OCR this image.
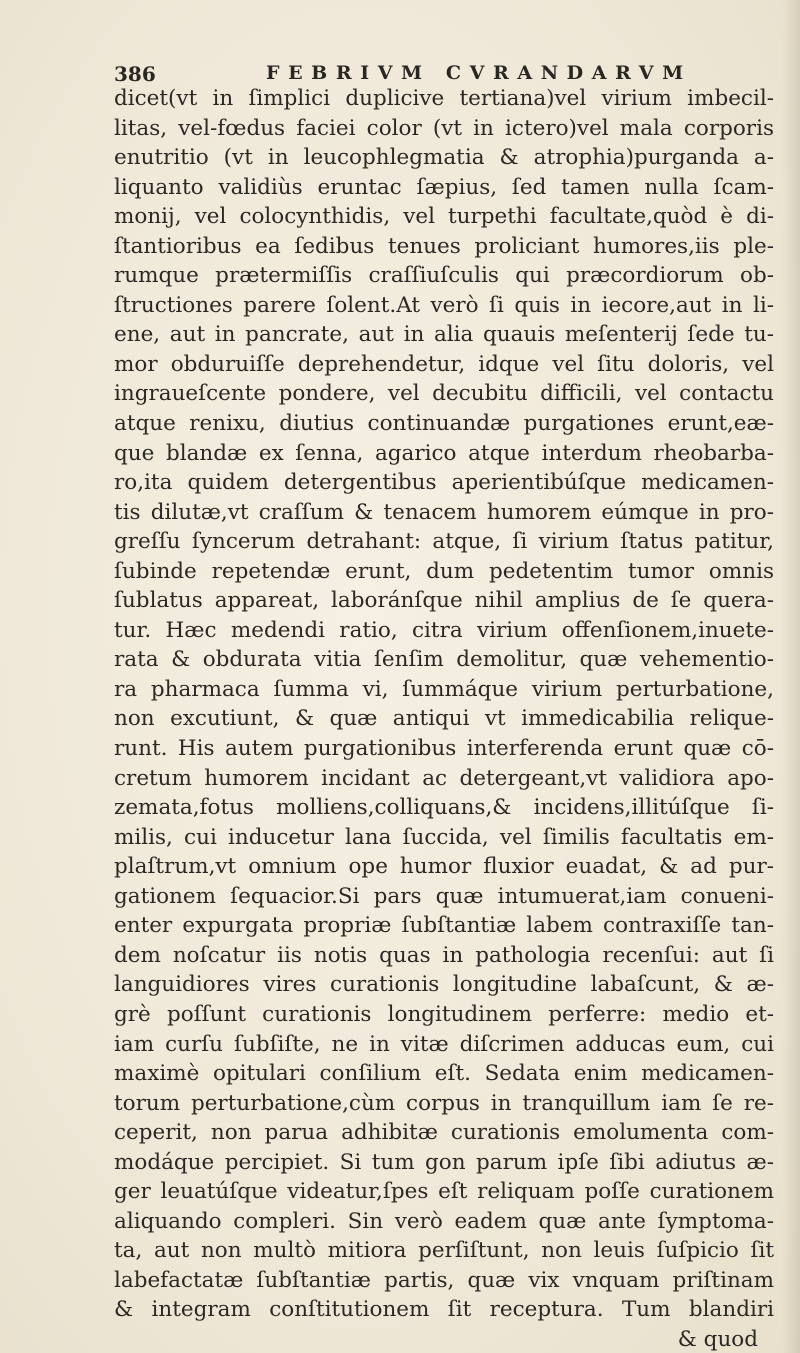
386	FEBRIVM CVRANDARVM
dicet(vt in ſimplici duplicive tertiana)vel virium imbecil-
litas, vel-fœdus faciei color (vt in ictero)vel mala corporis
enutritio (vt in leucophlegmatia & atrophia)purganda a-
liquanto validiùs eruntac ſæpius, ſed tamen nulla ſcam-
monij, vel colocynthidis, vel turpethi facultate,quòd è di-
ſtantioribus ea ſedibus tenues proliciant humores,iis ple-
rumque prætermiſſis craſſiuſculis qui præcordiorum ob-
ſtructiones parere ſolent.At verò ſi quis in iecore,aut in li-
ene, aut in pancrate, aut in alia quauis meſenterij ſede tu-
mor obduruiſſe deprehendetur, idque vel ſitu doloris, vel
ingraueſcente pondere, vel decubitu difficili, vel contactu
atque renixu, diutius continuandæ purgationes erunt,eæ-
que blandæ ex ſenna, agarico atque interdum rheobarba-
ro,ita quidem detergentibus aperientibúſque medicamen-
tis dilutæ,vt craſſum & tenacem humorem eúmque in pro-
greſſu ſyncerum detrahant: atque, ſi virium ſtatus patitur,
ſubinde repetendæ erunt, dum pedetentim tumor omnis
ſublatus appareat, laboránſque nihil amplius de ſe quera-
tur. Hæc medendi ratio, citra virium offenſionem,inuete-
rata & obdurata vitia ſenſim demolitur, quæ vehementio-
ra pharmaca ſumma vi, ſummáque virium perturbatione,
non excutiunt, & quæ antiqui vt immedicabilia relique-
runt. His autem purgationibus interferenda erunt quæ cō-
cretum humorem incidant ac detergeant,vt validiora apo-
zemata,fotus molliens,colliquans,& incidens,illitúſque ſi-
milis, cui inducetur lana ſuccida, vel ſimilis facultatis em-
plaſtrum,vt omnium ope humor fluxior euadat, & ad pur-
gationem ſequacior.Si pars quæ intumuerat,iam conueni-
enter expurgata propriæ ſubſtantiæ labem contraxiſſe tan-
dem noſcatur iis notis quas in pathologia recenſui: aut ſi
languidiores vires curationis longitudine labaſcunt, & æ-
grè poſſunt curationis longitudinem perferre: medio et-
iam curſu ſubſiſte, ne in vitæ diſcrimen adducas eum, cui
maximè opitulari conſilium eſt. Sedata enim medicamen-
torum perturbatione,cùm corpus in tranquillum iam ſe re-
ceperit, non parua adhibitæ curationis emolumenta com-
modáque percipiet. Si tum gon parum ipſe ſibi adiutus æ-
ger leuatúſque videatur,ſpes eſt reliquam poſſe curationem
aliquando compleri. Sin verò eadem quæ ante ſymptoma-
ta, aut non multò mitiora perſiſtunt, non leuis ſuſpicio ſit
labefactatæ ſubſtantiæ partis, quæ vix vnquam priſtinam
& integram conſtitutionem ſit receptura. Tum blandiri
& quod
